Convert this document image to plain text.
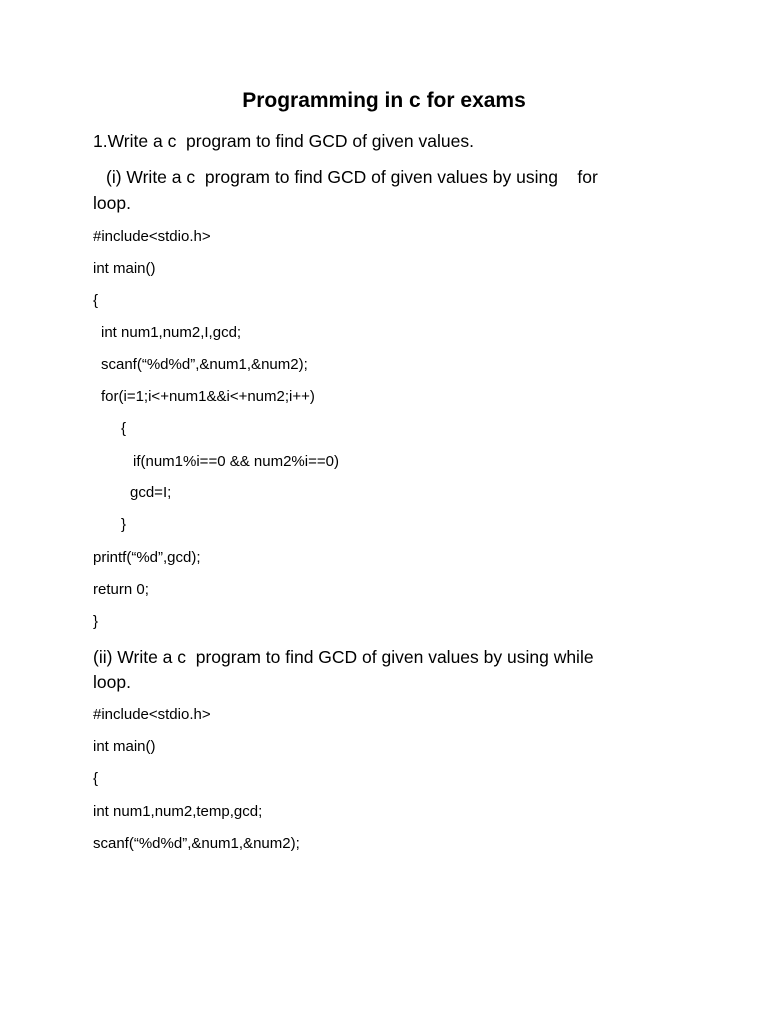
Programming in c for exams
1.Write a c  program to find GCD of given values.
(i) Write a c  program to find GCD of given values by using    for
loop.
#include<stdio.h>
int main()
{
int num1,num2,I,gcd;
scanf(“%d%d”,&num1,&num2);
for(i=1;i<+num1&&i<+num2;i++)
{
if(num1%i==0 && num2%i==0)
gcd=I;
}
printf(“%d”,gcd);
return 0;
}
(ii) Write a c  program to find GCD of given values by using while
loop.
#include<stdio.h>
int main()
{
int num1,num2,temp,gcd;
scanf(“%d%d”,&num1,&num2);
